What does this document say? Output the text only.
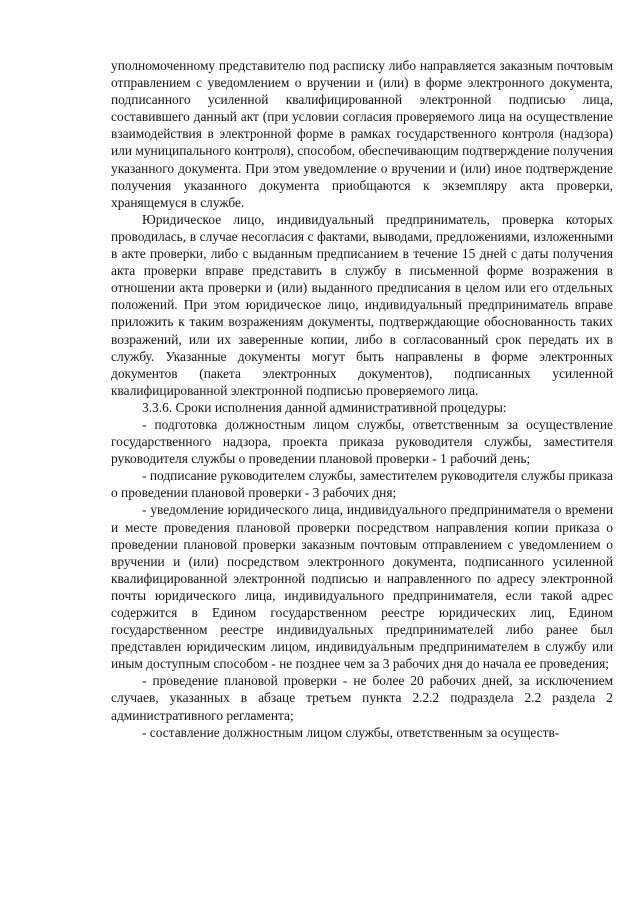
уполномоченному представителю под расписку либо направляется заказным почтовым отправлением с уведомлением о вручении и (или) в форме электронного документа, подписанного усиленной квалифицированной электронной подписью лица, составившего данный акт (при условии согласия проверяемого лица на осуществление взаимодействия в электронной форме в рамках государственного контроля (надзора) или муниципального контроля), способом, обеспечивающим подтверждение получения указанного документа. При этом уведомление о вручении и (или) иное подтверждение получения указанного документа приобщаются к экземпляру акта проверки, хранящемуся в службе.

Юридическое лицо, индивидуальный предприниматель, проверка которых проводилась, в случае несогласия с фактами, выводами, предложениями, изложенными в акте проверки, либо с выданным предписанием в течение 15 дней с даты получения акта проверки вправе представить в службу в письменной форме возражения в отношении акта проверки и (или) выданного предписания в целом или его отдельных положений. При этом юридическое лицо, индивидуальный предприниматель вправе приложить к таким возражениям документы, подтверждающие обоснованность таких возражений, или их заверенные копии, либо в согласованный срок передать их в службу. Указанные документы могут быть направлены в форме электронных документов (пакета электронных документов), подписанных усиленной квалифицированной электронной подписью проверяемого лица.

3.3.6. Сроки исполнения данной административной процедуры:

- подготовка должностным лицом службы, ответственным за осуществление государственного надзора, проекта приказа руководителя службы, заместителя руководителя службы о проведении плановой проверки - 1 рабочий день;

- подписание руководителем службы, заместителем руководителя службы приказа о проведении плановой проверки - 3 рабочих дня;

- уведомление юридического лица, индивидуального предпринимателя о времени и месте проведения плановой проверки посредством направления копии приказа о проведении плановой проверки заказным почтовым отправлением с уведомлением о вручении и (или) посредством электронного документа, подписанного усиленной квалифицированной электронной подписью и направленного по адресу электронной почты юридического лица, индивидуального предпринимателя, если такой адрес содержится в Едином государственном реестре юридических лиц, Едином государственном реестре индивидуальных предпринимателей либо ранее был представлен юридическим лицом, индивидуальным предпринимателем в службу или иным доступным способом - не позднее чем за 3 рабочих дня до начала ее проведения;

- проведение плановой проверки - не более 20 рабочих дней, за исключением случаев, указанных в абзаце третьем пункта 2.2.2 подраздела 2.2 раздела 2 административного регламента;

- составление должностным лицом службы, ответственным за осуществ-
